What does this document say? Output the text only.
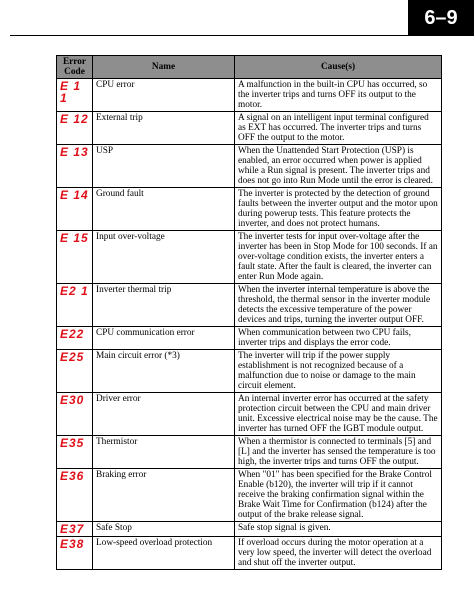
6–9
Error Code	Name	Cause(s)
E 1 1	CPU error	A malfunction in the built-in CPU has occurred, so the inverter trips and turns OFF its output to the motor.
E 12	External trip	A signal on an intelligent input terminal configured as EXT has occurred. The inverter trips and turns OFF the output to the motor.
E 13	USP	When the Unattended Start Protection (USP) is enabled, an error occurred when power is applied while a Run signal is present. The inverter trips and does not go into Run Mode until the error is cleared.
E 14	Ground fault	The inverter is protected by the detection of ground faults between the inverter output and the motor upon during powerup tests. This feature protects the inverter, and does not protect humans.
E 15	Input over-voltage	The inverter tests for input over-voltage after the inverter has been in Stop Mode for 100 seconds. If an over-voltage condition exists, the inverter enters a fault state. After the fault is cleared, the inverter can enter Run Mode again.
E2 1	Inverter thermal trip	When the inverter internal temperature is above the threshold, the thermal sensor in the inverter module detects the excessive temperature of the power devices and trips, turning the inverter output OFF.
E22	CPU communication error	When communication between two CPU fails, inverter trips and displays the error code.
E25	Main circuit error (*3)	The inverter will trip if the power supply establishment is not recognized because of a malfunction due to noise or damage to the main circuit element.
E30	Driver error	An internal inverter error has occurred at the safety protection circuit between the CPU and main driver unit. Excessive electrical noise may be the cause. The inverter has turned OFF the IGBT module output.
E35	Thermistor	When a thermistor is connected to terminals [5] and [L] and the inverter has sensed the temperature is too high, the inverter trips and turns OFF the output.
E36	Braking error	When "01" has been specified for the Brake Control Enable (b120), the inverter will trip if it cannot receive the braking confirmation signal within the Brake Wait Time for Confirmation (b124) after the output of the brake release signal.
E37	Safe Stop	Safe stop signal is given.
E38	Low-speed overload protection	If overload occurs during the motor operation at a very low speed, the inverter will detect the overload and shut off the inverter output.
